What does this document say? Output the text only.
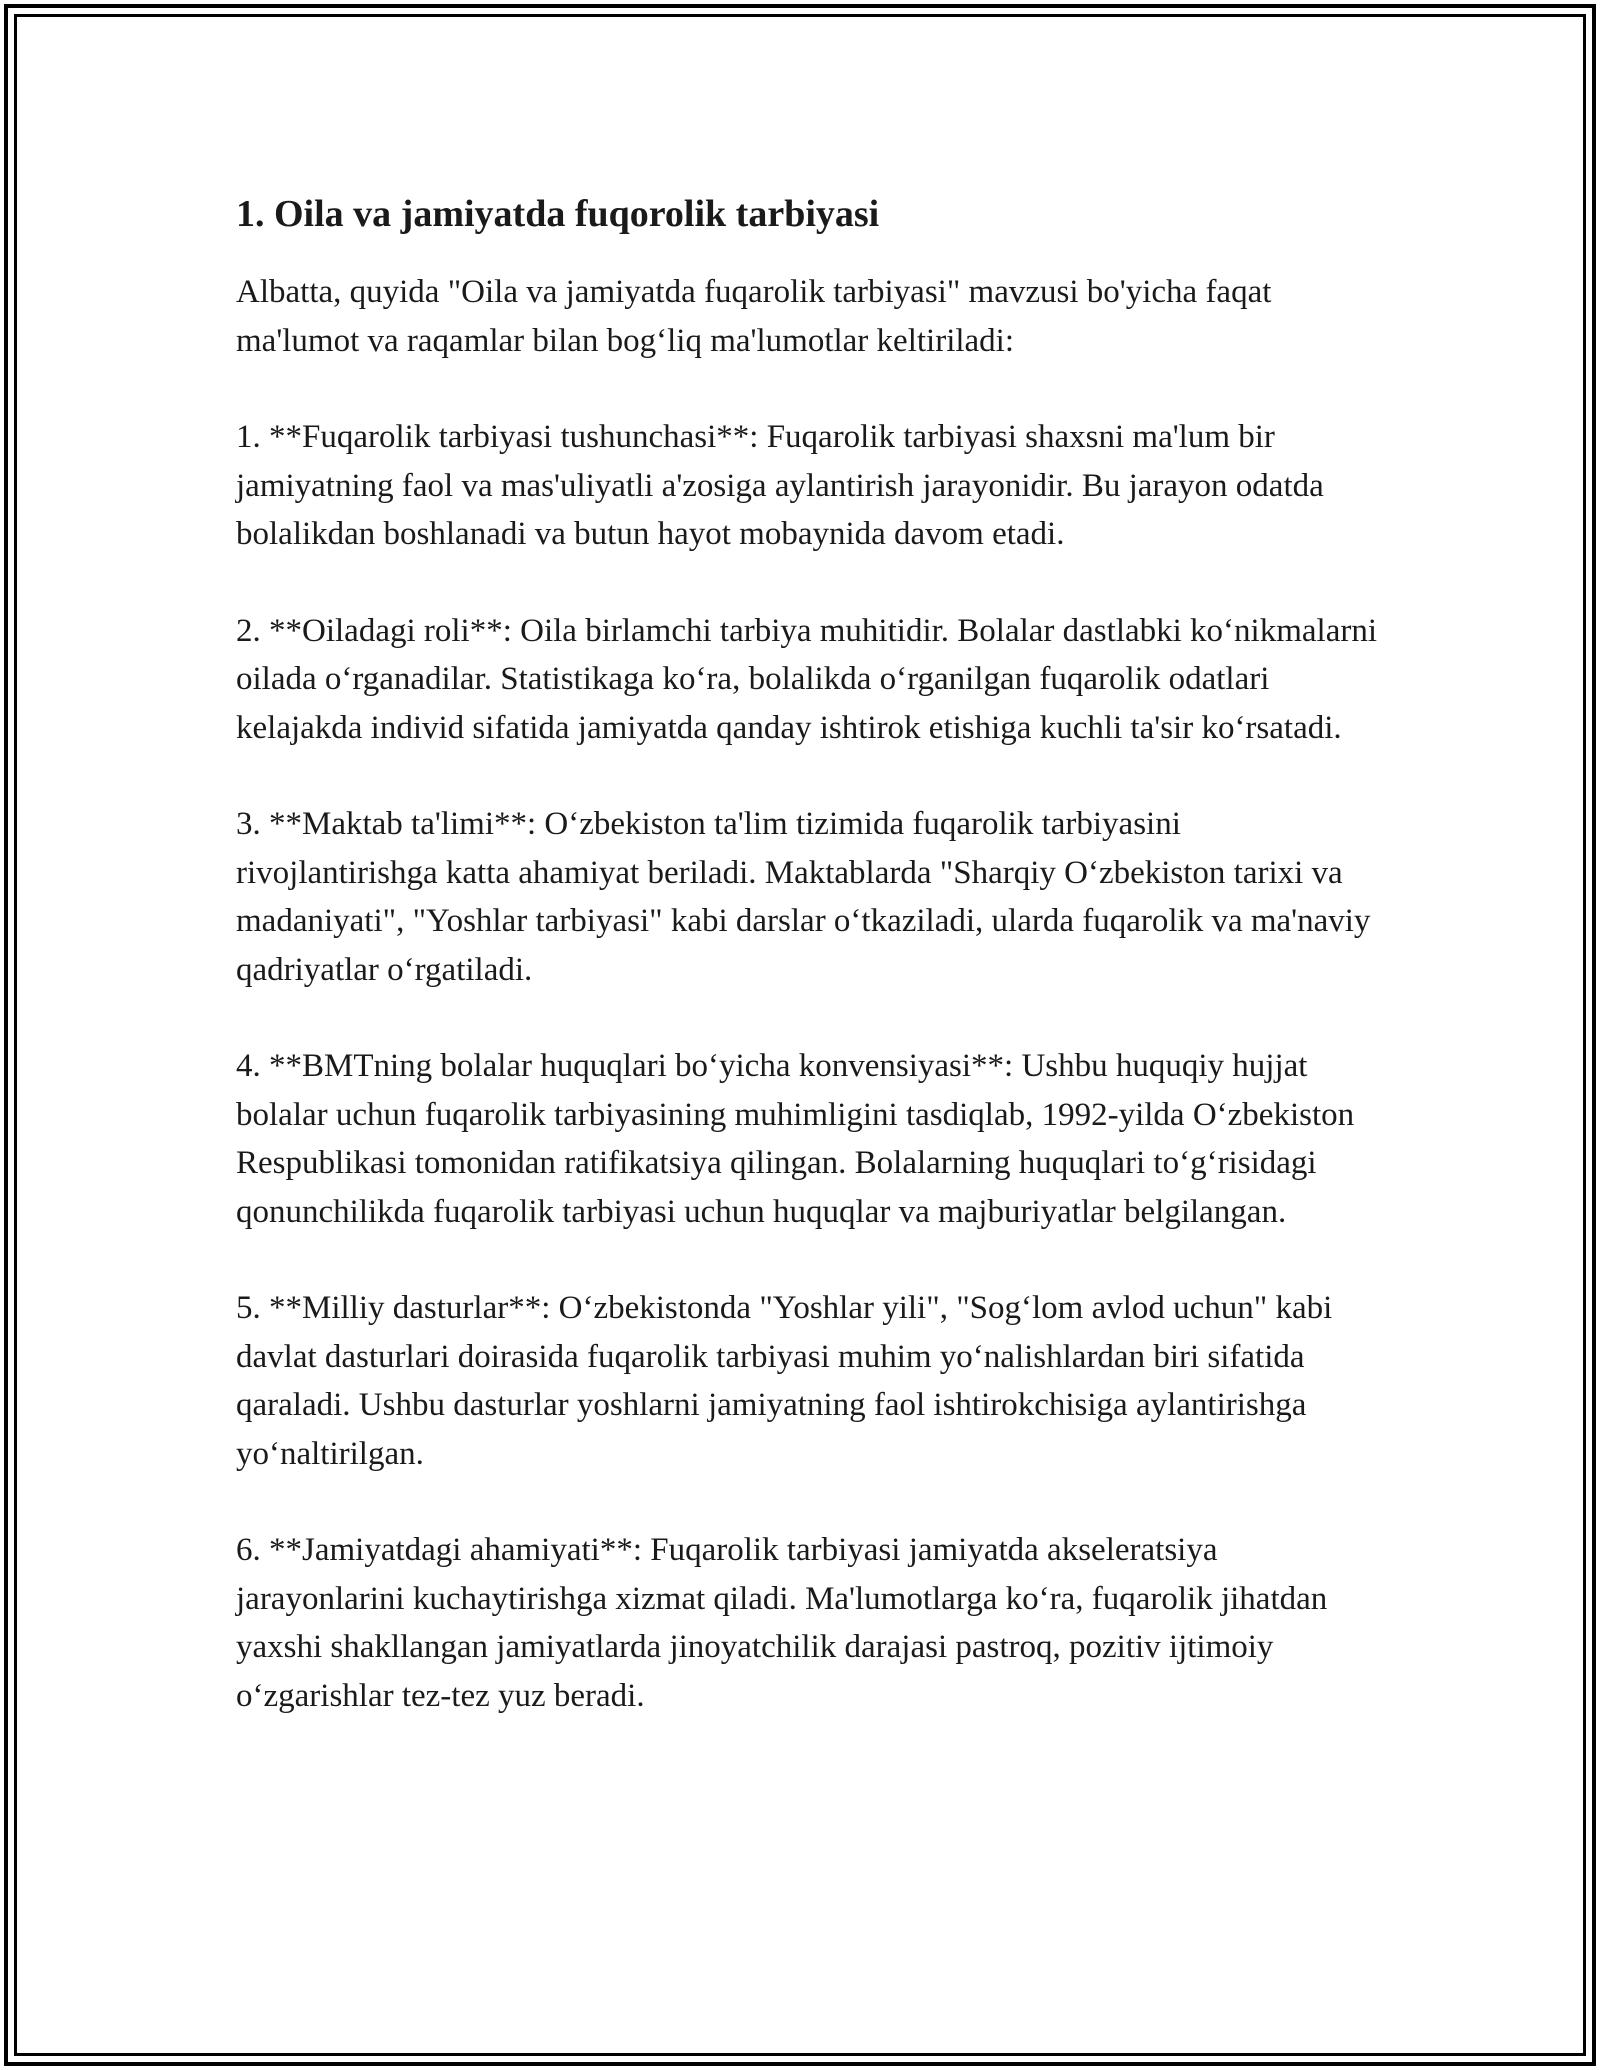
1. Oila va jamiyatda fuqorolik tarbiyasi

Albatta, quyida "Oila va jamiyatda fuqarolik tarbiyasi" mavzusi bo'yicha faqat ma'lumot va raqamlar bilan bog‘liq ma'lumotlar keltiriladi:

1. **Fuqarolik tarbiyasi tushunchasi**: Fuqarolik tarbiyasi shaxsni ma'lum bir jamiyatning faol va mas'uliyatli a'zosiga aylantirish jarayonidir. Bu jarayon odatda bolalikdan boshlanadi va butun hayot mobaynida davom etadi.

2. **Oiladagi roli**: Oila birlamchi tarbiya muhitidir. Bolalar dastlabki ko‘nikmalarni oilada o‘rganadilar. Statistikaga ko‘ra, bolalikda o‘rganilgan fuqarolik odatlari kelajakda individ sifatida jamiyatda qanday ishtirok etishiga kuchli ta'sir ko‘rsatadi.

3. **Maktab ta'limi**: O‘zbekiston ta'lim tizimida fuqarolik tarbiyasini rivojlantirishga katta ahamiyat beriladi. Maktablarda "Sharqiy O‘zbekiston tarixi va madaniyati", "Yoshlar tarbiyasi" kabi darslar o‘tkaziladi, ularda fuqarolik va ma'naviy qadriyatlar o‘rgatiladi.

4. **BMTning bolalar huquqlari bo‘yicha konvensiyasi**: Ushbu huquqiy hujjat bolalar uchun fuqarolik tarbiyasining muhimligini tasdiqlab, 1992-yilda O‘zbekiston Respublikasi tomonidan ratifikatsiya qilingan. Bolalarning huquqlari to‘g‘risidagi qonunchilikda fuqarolik tarbiyasi uchun huquqlar va majburiyatlar belgilangan.

5. **Milliy dasturlar**: O‘zbekistonda "Yoshlar yili", "Sog‘lom avlod uchun" kabi davlat dasturlari doirasida fuqarolik tarbiyasi muhim yo‘nalishlardan biri sifatida qaraladi. Ushbu dasturlar yoshlarni jamiyatning faol ishtirokchisiga aylantirishga yo‘naltirilgan.

6. **Jamiyatdagi ahamiyati**: Fuqarolik tarbiyasi jamiyatda akseleratsiya jarayonlarini kuchaytirishga xizmat qiladi. Ma'lumotlarga ko‘ra, fuqarolik jihatdan yaxshi shakllangan jamiyatlarda jinoyatchilik darajasi pastroq, pozitiv ijtimoiy o‘zgarishlar tez-tez yuz beradi.
